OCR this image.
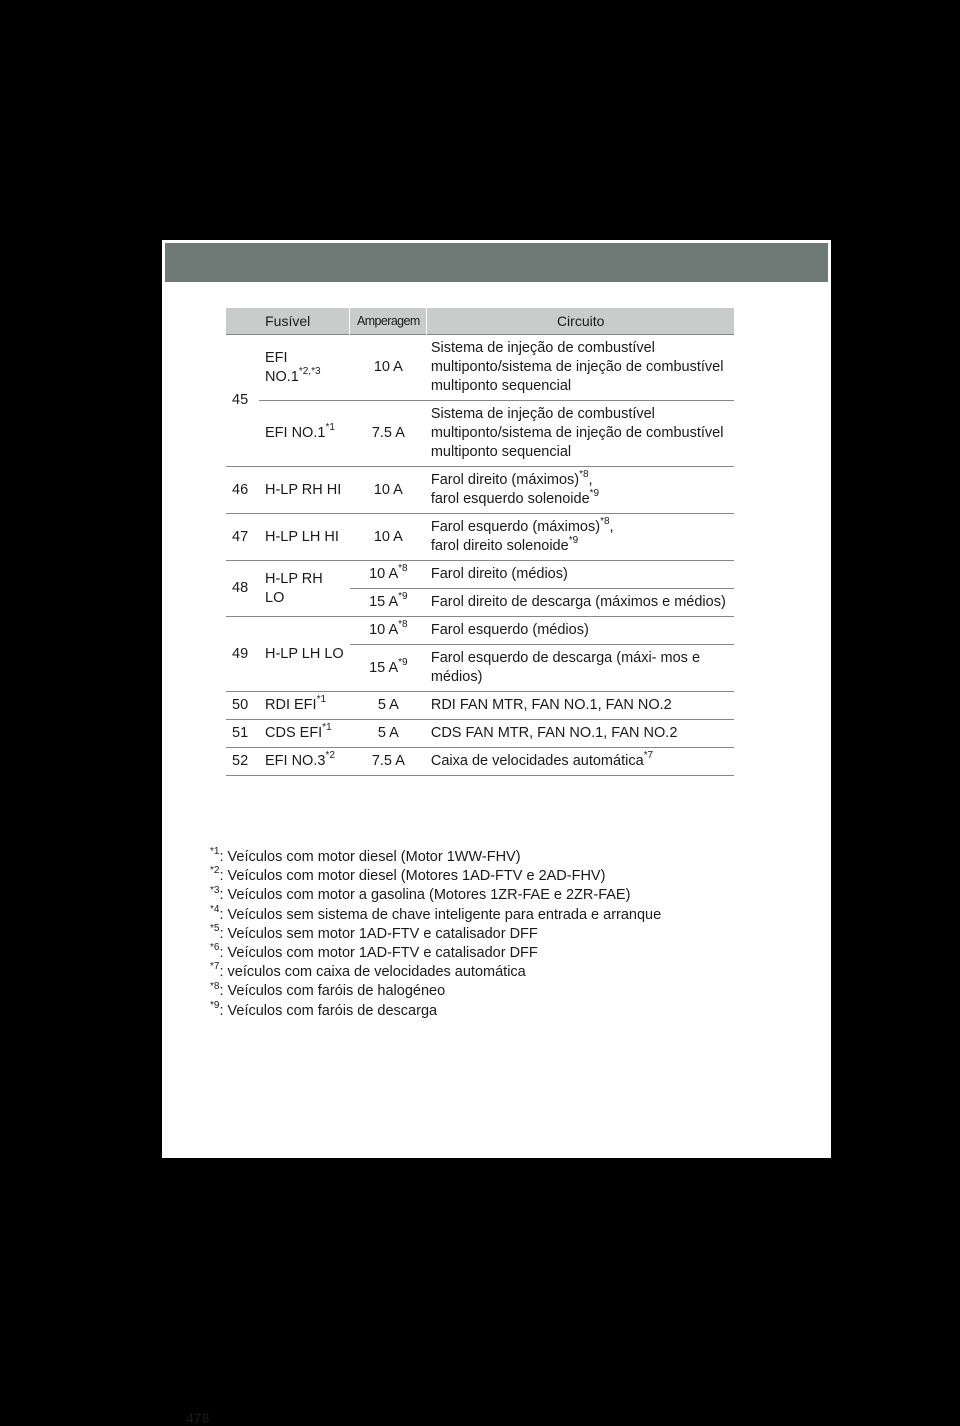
Fusível		Amperagem	Circuito
45	EFI $NO.1^{*2,*3}$	10 A	Sistema de injeção de combustível multiponto/sistema de injeção de combustível multiponto sequencial
	EFI NO.1$^{*1}$	7.5 A	Sistema de injeção de combustível multiponto/sistema de injeção de combustível multiponto sequencial
46	H-LP RH HI	10 A	Farol direito (máximos)$^{*8}$,
farol esquerdo solenoide$^{*9}$
47	H-LP LH HI	10 A	Farol esquerdo (máximos)$^{*8}$,
farol direito solenoide$^{*9}$
48	H-LP RH LO	10 $A^{*8}$	Farol direito (médios)
		15 $A^{*9}$	Farol direito de descarga (máximos e médios)
49	H-LP LH LO	10 $A^{*8}$	Farol esquerdo (médios)
		15 $A^{*9}$	Farol esquerdo de descarga (máxi- mos e médios)
50	RDI EFI$^{*1}$	5 A	RDI FAN MTR, FAN NO.1, FAN NO.2
51	CDS EFI$^{*1}$	5 A	CDS FAN MTR, FAN NO.1, FAN NO.2
52	EFI NO.3$^{*2}$	7.5 A	Caixa de velocidades automática$^{*7}$
$^{*1}$: Veículos com motor diesel (Motor 1WW-FHV)
$^{*2}$: Veículos com motor diesel (Motores 1AD-FTV e 2AD-FHV)
$^{*3}$: Veículos com motor a gasolina (Motores 1ZR-FAE e 2ZR-FAE)
$^{*4}$: Veículos sem sistema de chave inteligente para entrada e arranque
$^{*5}$: Veículos sem motor 1AD-FTV e catalisador DFF
$^{*6}$: Veículos com motor 1AD-FTV e catalisador DFF
$^{*7}$: veículos com caixa de velocidades automática
$^{*8}$: Veículos com faróis de halogéneo
$^{*9}$: Veículos com faróis de descarga
478
